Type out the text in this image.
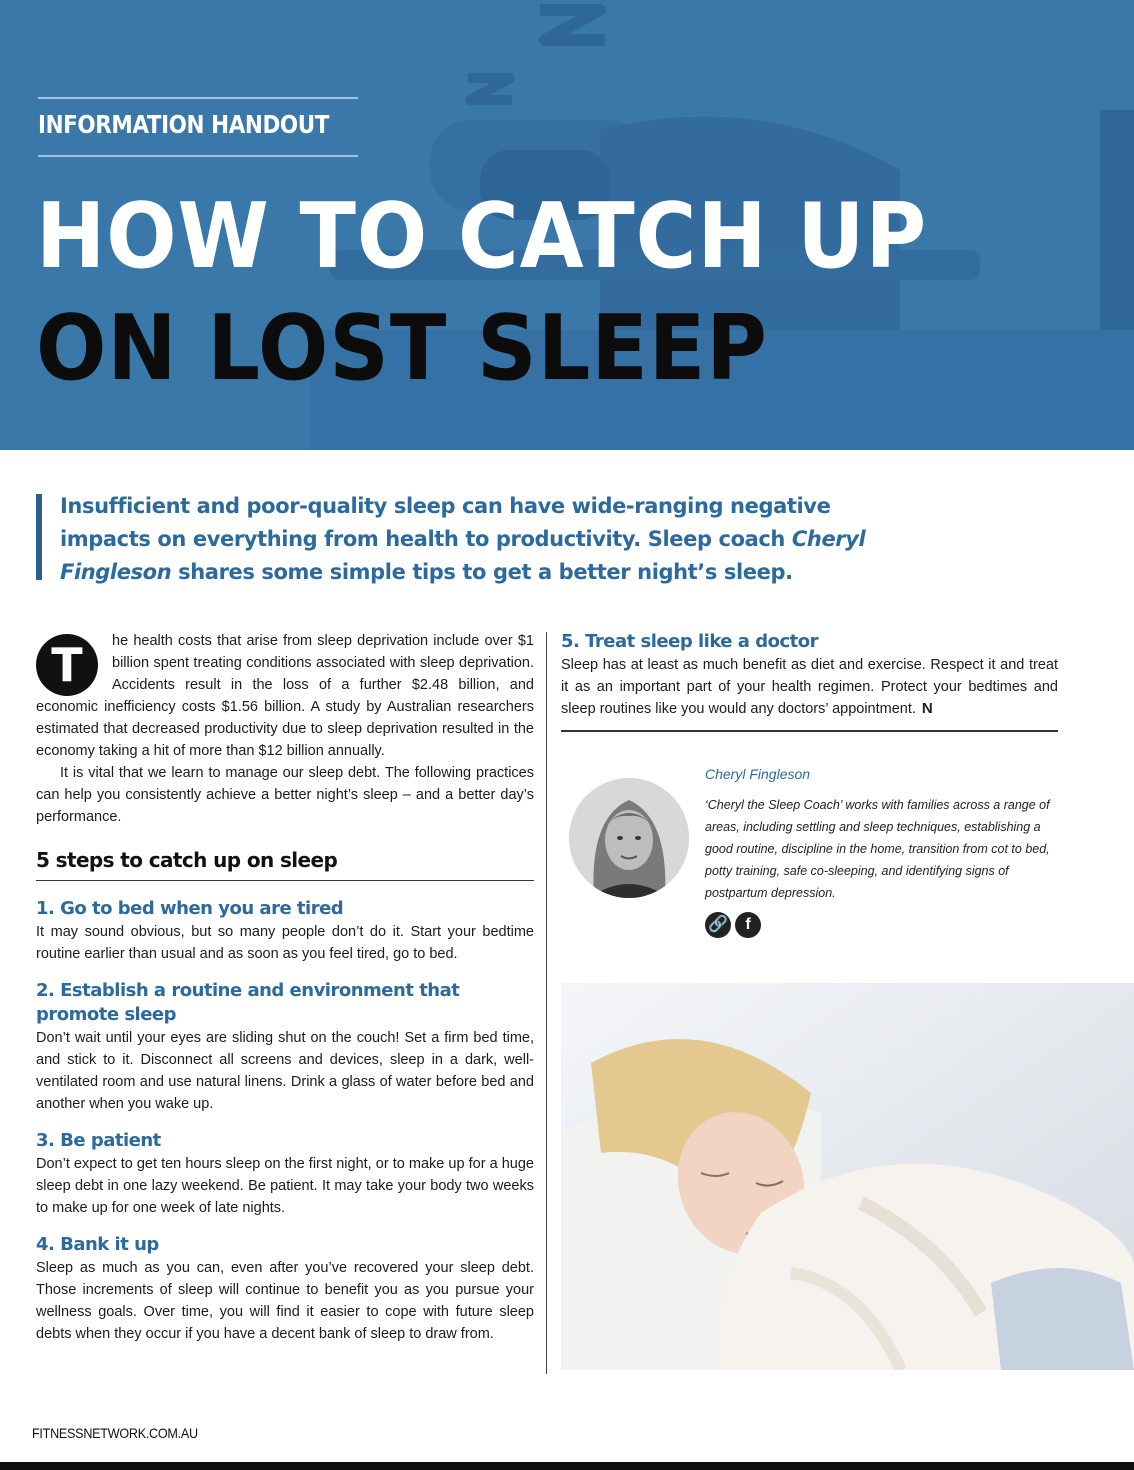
INFORMATION HANDOUT
HOW TO CATCH UP
ON LOST SLEEP

Insufficient and poor-quality sleep can have wide-ranging negative impacts on everything from health to productivity. Sleep coach Cheryl Fingleson shares some simple tips to get a better night’s sleep.

T	he health costs that arise from sleep deprivation include over $1 billion spent treating conditions associated with sleep deprivation. Accidents result in the loss of a further $2.48 billion, and economic inefficiency costs $1.56 billion. A study by Australian researchers estimated that decreased productivity due to sleep deprivation resulted in the economy taking a hit of more than $12 billion annually.

It is vital that we learn to manage our sleep debt. The following practices can help you consistently achieve a better night’s sleep – and a better day’s performance.

5 steps to catch up on sleep
1. Go to bed when you are tired

It may sound obvious, but so many people don’t do it. Start your bedtime routine earlier than usual and as soon as you feel tired, go to bed.

2. Establish a routine and environment that promote sleep

Don’t wait until your eyes are sliding shut on the couch! Set a firm bed time, and stick to it. Disconnect all screens and devices, sleep in a dark, well-ventilated room and use natural linens. Drink a glass of water before bed and another when you wake up.

3. Be patient

Don’t expect to get ten hours sleep on the first night, or to make up for a huge sleep debt in one lazy weekend. Be patient. It may take your body two weeks to make up for one week of late nights.

4. Bank it up

Sleep as much as you can, even after you’ve recovered your sleep debt. Those increments of sleep will continue to benefit you as you pursue your wellness goals. Over time, you will find it easier to cope with future sleep debts when they occur if you have a decent bank of sleep to draw from.

5. Treat sleep like a doctor

Sleep has at least as much benefit as diet and exercise. Respect it and treat it as an important part of your health regimen. Protect your bedtimes and sleep routines like you would any doctors’ appointment. N

Cheryl Fingleson

‘Cheryl the Sleep Coach’ works with families across a range of areas, including settling and sleep techniques, establishing a good routine, discipline in the home, transition from cot to bed, potty training, safe co-sleeping, and identifying signs of postpartum depression.

🔗	f
FITNESSNETWORK.COM.AU
